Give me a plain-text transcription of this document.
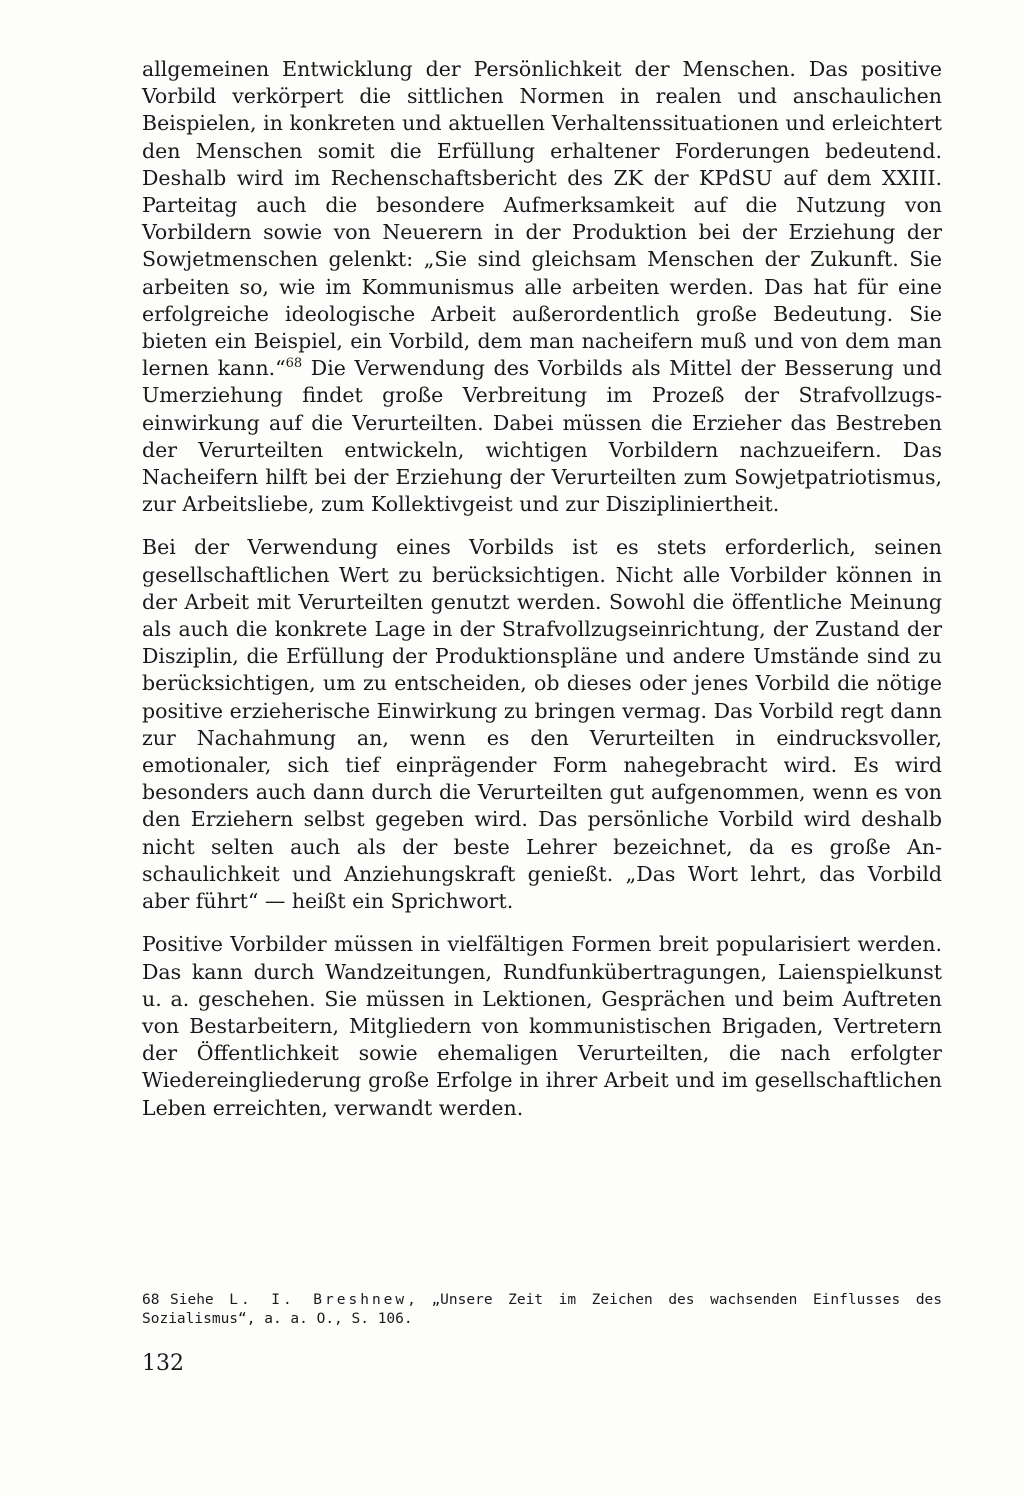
allgemeinen Entwicklung der Persönlichkeit der Menschen. Das positive Vorbild verkörpert die sittlichen Normen in realen und anschaulichen Beispielen, in konkreten und aktuellen Verhaltenssituationen und erleichtert den Menschen somit die Erfüllung erhaltener Forderungen bedeutend. Deshalb wird im Rechenschaftsbericht des ZK der KPdSU auf dem XXIII. Parteitag auch die besondere Aufmerksamkeit auf die Nutzung von Vorbildern sowie von Neuerern in der Produktion bei der Erziehung der Sowjetmenschen gelenkt: „Sie sind gleichsam Menschen der Zukunft. Sie arbeiten so, wie im Kommunismus alle arbeiten werden. Das hat für eine erfolgreiche ideologische Arbeit außerordentlich große Bedeutung. Sie bieten ein Beispiel, ein Vorbild, dem man nacheifern muß und von dem man lernen kann.“$^{68}$ Die Verwendung des Vorbilds als Mittel der Besserung und Umerziehung findet große Verbreitung im Prozeß der Strafvollzugseinwirkung auf die Verurteilten. Dabei müssen die Erzieher das Bestreben der Verurteilten entwickeln, wichtigen Vorbildern nachzueifern. Das Nacheifern hilft bei der Erziehung der Verurteilten zum Sowjetpatriotismus, zur Arbeitsliebe, zum Kollektivgeist und zur Diszipliniertheit.

Bei der Verwendung eines Vorbilds ist es stets erforderlich, seinen gesellschaftlichen Wert zu berücksichtigen. Nicht alle Vorbilder können in der Arbeit mit Verurteilten genutzt werden. Sowohl die öffentliche Meinung als auch die konkrete Lage in der Strafvollzugseinrichtung, der Zustand der Disziplin, die Erfüllung der Produktionspläne und andere Umstände sind zu berücksichtigen, um zu entscheiden, ob dieses oder jenes Vorbild die nötige positive erzieherische Einwirkung zu bringen vermag. Das Vorbild regt dann zur Nachahmung an, wenn es den Verurteilten in eindrucksvoller, emotionaler, sich tief einprägender Form nahegebracht wird. Es wird besonders auch dann durch die Verurteilten gut aufgenommen, wenn es von den Erziehern selbst gegeben wird. Das persönliche Vorbild wird deshalb nicht selten auch als der beste Lehrer bezeichnet, da es große Anschaulichkeit und Anziehungskraft genießt. „Das Wort lehrt, das Vorbild aber führt“ — heißt ein Sprichwort.

Positive Vorbilder müssen in vielfältigen Formen breit popularisiert werden. Das kann durch Wandzeitungen, Rundfunkübertragungen, Laienspielkunst u. a. geschehen. Sie müssen in Lektionen, Gesprächen und beim Auftreten von Bestarbeitern, Mitgliedern von kommunistischen Brigaden, Vertretern der Öffentlichkeit sowie ehemaligen Verurteilten, die nach erfolgter Wiedereingliederung große Erfolge in ihrer Arbeit und im gesellschaftlichen Leben erreichten, verwandt werden.

68 Siehe L. I. Breshnew, „Unsere Zeit im Zeichen des wachsenden Einflusses des Sozialismus“, a. a. O., S. 106.
132
